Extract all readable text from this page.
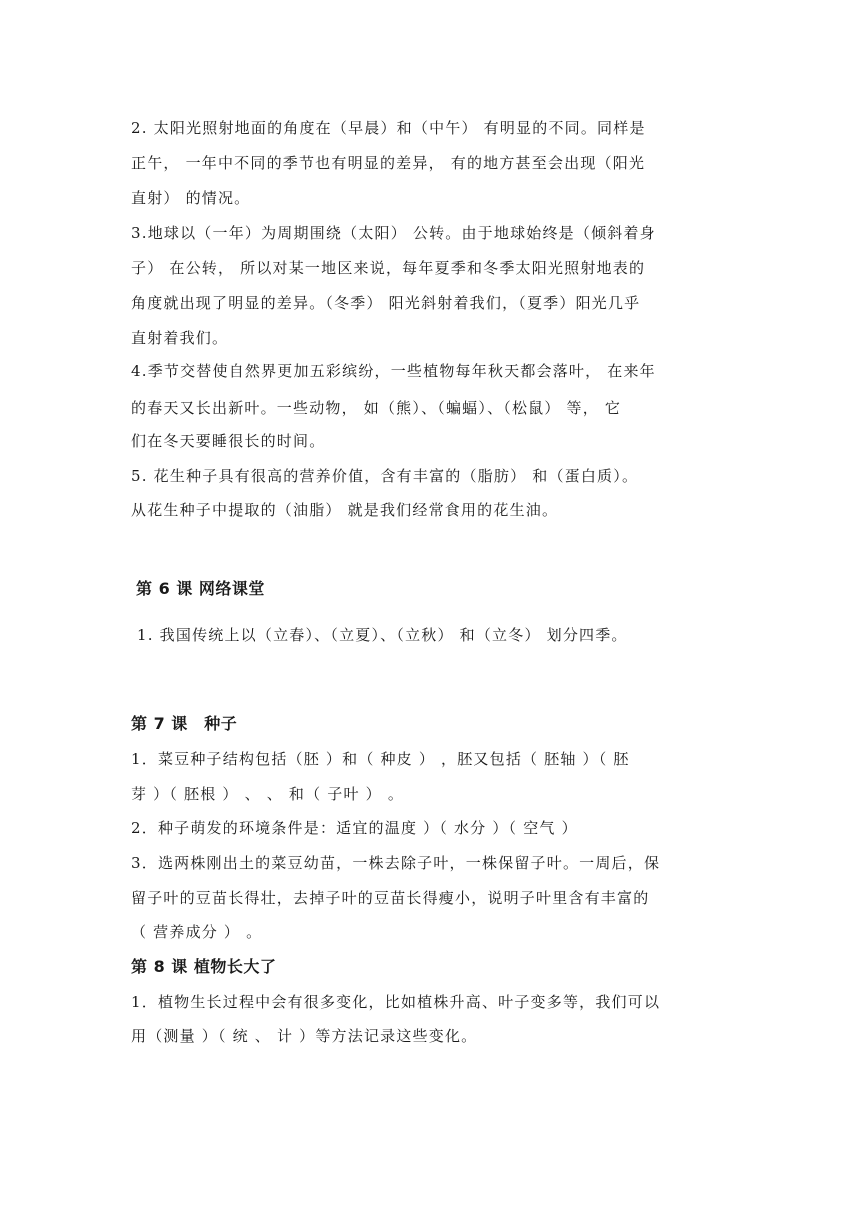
2. 太阳光照射地面的角度在（早晨）和（中午） 有明显的不同。同样是
正午， 一年中不同的季节也有明显的差异， 有的地方甚至会出现（阳光
直射） 的情况。
3.地球以（一年）为周期围绕（太阳） 公转。由于地球始终是（倾斜着身
子） 在公转， 所以对某一地区来说，每年夏季和冬季太阳光照射地表的
角度就出现了明显的差异。（冬季） 阳光斜射着我们，（夏季）阳光几乎
直射着我们。
4.季节交替使自然界更加五彩缤纷，一些植物每年秋天都会落叶， 在来年
的春天又长出新叶。一些动物， 如（熊）、（蝙蝠）、（松鼠） 等， 它
们在冬天要睡很长的时间。
5. 花生种子具有很高的营养价值，含有丰富的（脂肪） 和（蛋白质）。
从花生种子中提取的（油脂） 就是我们经常食用的花生油。
第 6 课 网络课堂
1. 我国传统上以（立春）、（立夏）、（立秋） 和（立冬） 划分四季。
第 7 课　种子
1．菜豆种子结构包括（胚 ）和（ 种皮 ） ，胚又包括（ 胚轴 ）（ 胚
芽 ）（ 胚根 ） 、 、 和（ 子叶 ） 。
2．种子萌发的环境条件是：适宜的温度 ）（ 水分 ）（ 空气 ）
3．选两株刚出土的菜豆幼苗，一株去除子叶，一株保留子叶。一周后，保
留子叶的豆苗长得壮，去掉子叶的豆苗长得瘦小，说明子叶里含有丰富的
（ 营养成分 ） 。
第 8 课 植物长大了
1．植物生长过程中会有很多变化，比如植株升高、叶子变多等，我们可以
用（测量 ）（ 统 、 计 ）等方法记录这些变化。
